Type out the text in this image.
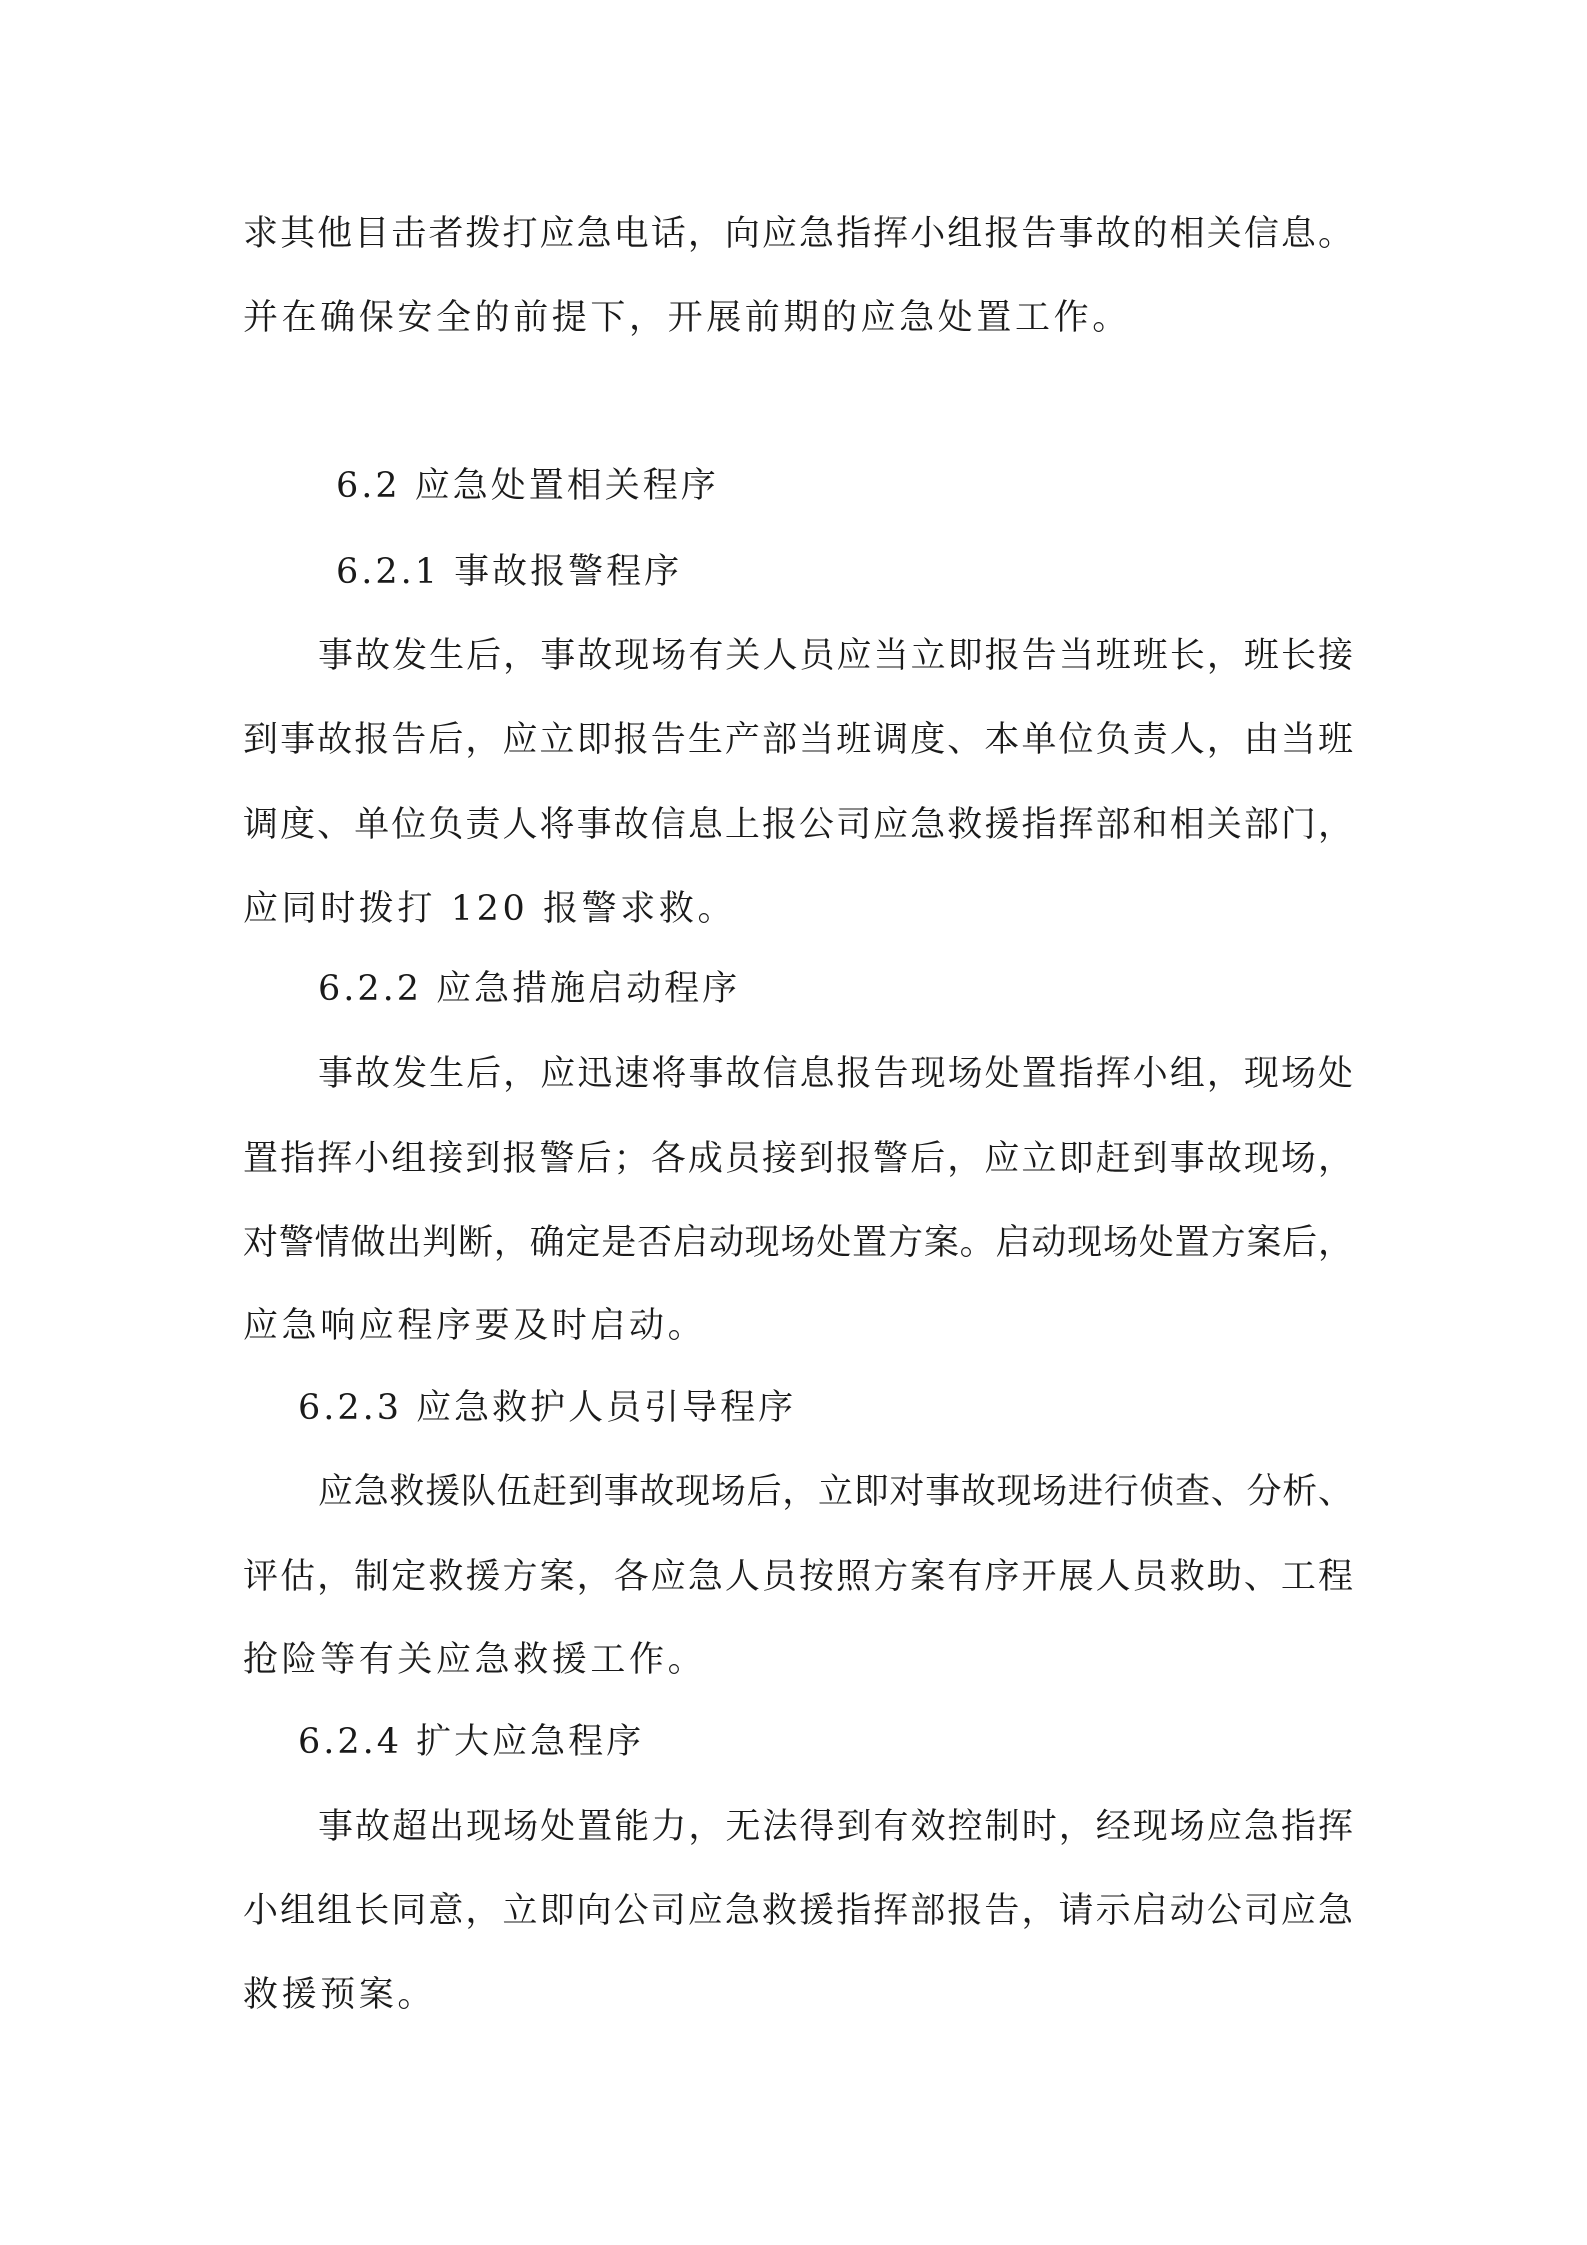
求其他目击者拨打应急电话，向应急指挥小组报告事故的相关信息。

并在确保安全的前提下，开展前期的应急处置工作。

6.2 应急处置相关程序

6.2.1 事故报警程序

事故发生后，事故现场有关人员应当立即报告当班班长，班长接

到事故报告后，应立即报告生产部当班调度、本单位负责人，由当班

调度、单位负责人将事故信息上报公司应急救援指挥部和相关部门，

应同时拨打 120 报警求救。

6.2.2 应急措施启动程序

事故发生后，应迅速将事故信息报告现场处置指挥小组，现场处

置指挥小组接到报警后；各成员接到报警后，应立即赶到事故现场，

对警情做出判断，确定是否启动现场处置方案。启动现场处置方案后，

应急响应程序要及时启动。

6.2.3 应急救护人员引导程序

应急救援队伍赶到事故现场后，立即对事故现场进行侦查、分析、

评估，制定救援方案，各应急人员按照方案有序开展人员救助、工程

抢险等有关应急救援工作。

6.2.4 扩大应急程序

事故超出现场处置能力，无法得到有效控制时，经现场应急指挥

小组组长同意，立即向公司应急救援指挥部报告，请示启动公司应急

救援预案。
